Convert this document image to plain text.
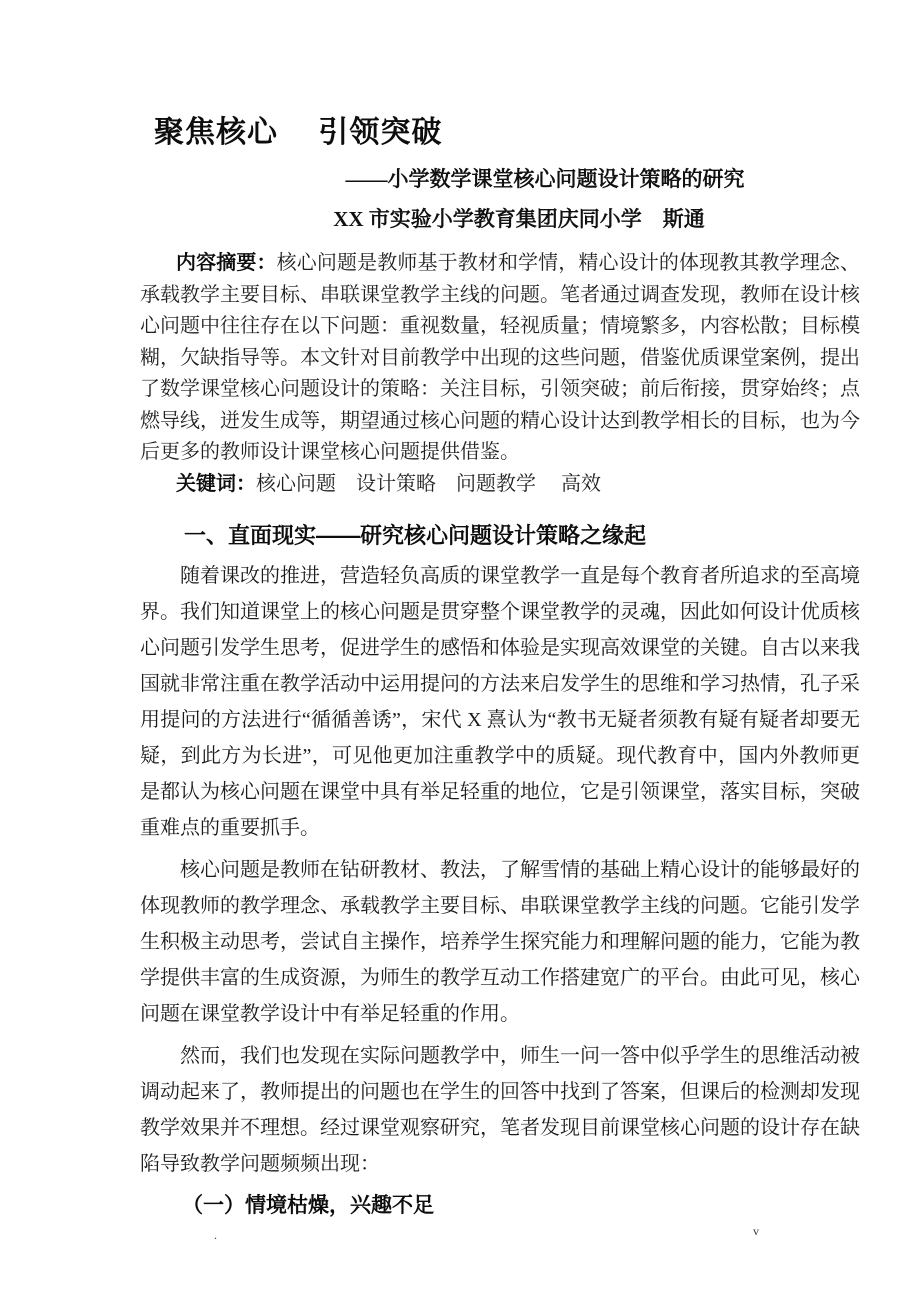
聚焦核心　 引领突破
——小学数学课堂核心问题设计策略的研究
XX 市实验小学教育集团庆同小学　斯通
内容摘要：核心问题是教师基于教材和学情，精心设计的体现教其教学理念、承载教学主要目标、串联课堂教学主线的问题。笔者通过调查发现，教师在设计核心问题中往往存在以下问题：重视数量，轻视质量；情境繁多，内容松散；目标模糊，欠缺指导等。本文针对目前教学中出现的这些问题，借鉴优质课堂案例，提出了数学课堂核心问题设计的策略：关注目标，引领突破；前后衔接，贯穿始终；点燃导线，迸发生成等，期望通过核心问题的精心设计达到教学相长的目标，也为今后更多的教师设计课堂核心问题提供借鉴。
关键词：核心问题　设计策略　问题教学　 高效
一、直面现实——研究核心问题设计策略之缘起

随着课改的推进，营造轻负高质的课堂教学一直是每个教育者所追求的至高境界。我们知道课堂上的核心问题是贯穿整个课堂教学的灵魂，因此如何设计优质核心问题引发学生思考，促进学生的感悟和体验是实现高效课堂的关键。自古以来我国就非常注重在教学活动中运用提问的方法来启发学生的思维和学习热情，孔子采用提问的方法进行“循循善诱”，宋代 X 熹认为“教书无疑者须教有疑有疑者却要无疑，到此方为长进”，可见他更加注重教学中的质疑。现代教育中，国内外教师更是都认为核心问题在课堂中具有举足轻重的地位，它是引领课堂，落实目标，突破重难点的重要抓手。

核心问题是教师在钻研教材、教法，了解雪情的基础上精心设计的能够最好的体现教师的教学理念、承载教学主要目标、串联课堂教学主线的问题。它能引发学生积极主动思考，尝试自主操作，培养学生探究能力和理解问题的能力，它能为教学提供丰富的生成资源，为师生的教学互动工作搭建宽广的平台。由此可见，核心问题在课堂教学设计中有举足轻重的作用。

然而，我们也发现在实际问题教学中，师生一问一答中似乎学生的思维活动被调动起来了，教师提出的问题也在学生的回答中找到了答案，但课后的检测却发现教学效果并不理想。经过课堂观察研究，笔者发现目前课堂核心问题的设计存在缺陷导致教学问题频频出现：

（一）情境枯燥，兴趣不足
.	v
